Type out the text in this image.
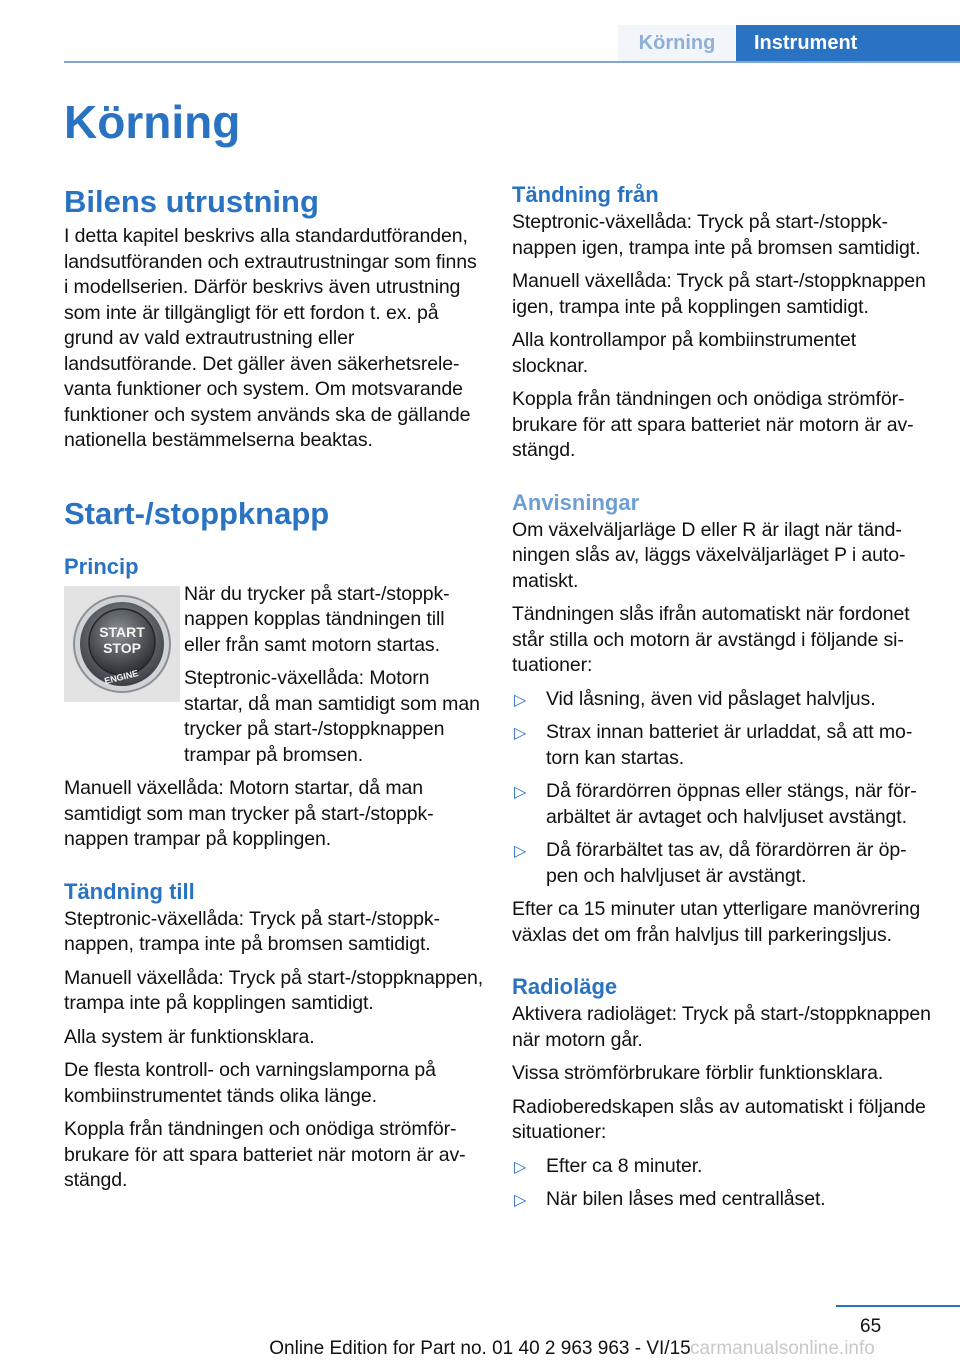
Körning	Instrument
Körning
Bilens utrustning

I detta kapitel beskrivs alla standardutföranden, landsutföranden och extrautrustningar som finns i modellserien. Därför beskrivs även utrustning som inte är tillgängligt för ett fordon t. ex. på grund av vald extrautrustning eller landsutförande. Det gäller även säkerhetsrelevanta funktioner och system. Om motsvarande funktioner och system används ska de gällande nationella bestämmelserna beaktas.

Start-/stoppknapp
Princip
START
STOP
ENGINE

När du trycker på start-/stoppknappen kopplas tändningen till eller från samt motorn startas.

Steptronic-växellåda: Motorn startar, då man samtidigt som man trycker på start-/stoppknappen trampar på bromsen.

Manuell växellåda: Motorn startar, då man samtidigt som man trycker på start-/stoppknappen trampar på kopplingen.

Tändning till

Steptronic-växellåda: Tryck på start-/stoppknappen, trampa inte på bromsen samtidigt.

Manuell växellåda: Tryck på start-/stoppknappen, trampa inte på kopplingen samtidigt.

Alla system är funktionsklara.

De flesta kontroll- och varningslamporna på kombiinstrumentet tänds olika länge.

Koppla från tändningen och onödiga strömförbrukare för att spara batteriet när motorn är avstängd.

Tändning från

Steptronic-växellåda: Tryck på start-/stoppknappen igen, trampa inte på bromsen samtidigt.

Manuell växellåda: Tryck på start-/stoppknappen igen, trampa inte på kopplingen samtidigt.

Alla kontrollampor på kombiinstrumentet slocknar.

Koppla från tändningen och onödiga strömförbrukare för att spara batteriet när motorn är avstängd.

Anvisningar

Om växelväljarläge D eller R är ilagt när tändningen slås av, läggs växelväljarläget P i automatiskt.

Tändningen slås ifrån automatiskt när fordonet står stilla och motorn är avstängd i följande situationer:

▷ Vid låsning, även vid påslaget halvljus.
▷ Strax innan batteriet är urladdat, så att motorn kan startas.
▷ Då förardörren öppnas eller stängs, när förarbältet är avtaget och halvljuset avstängt.
▷ Då förarbältet tas av, då förardörren är öppen och halvljuset är avstängt.

Efter ca 15 minuter utan ytterligare manövrering växlas det om från halvljus till parkeringsljus.

Radioläge

Aktivera radioläget: Tryck på start-/stoppknappen när motorn går.

Vissa strömförbrukare förblir funktionsklara.

Radioberedskapen slås av automatiskt i följande situationer:

▷ Efter ca 8 minuter.
▷ När bilen låses med centrallåset.
65
Online Edition for Part no. 01 40 2 963 963 - VI/15 carmanualsonline.info
